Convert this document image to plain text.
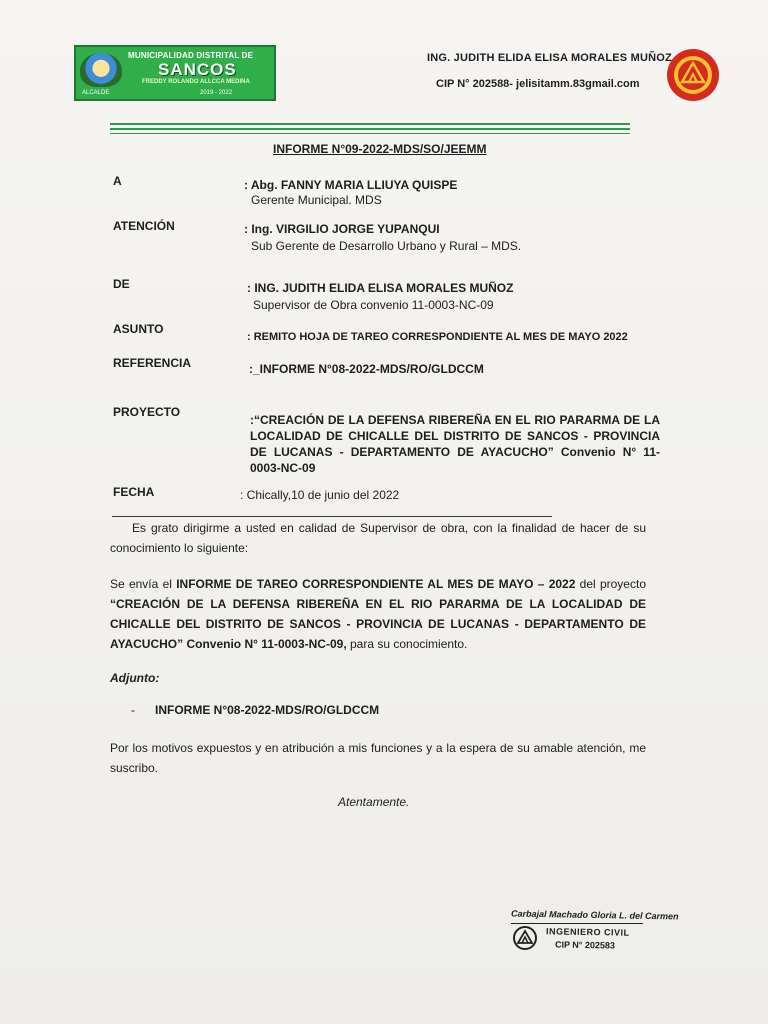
MUNICIPALIDAD DISTRITAL DE
SANCOS
FREDDY ROLANDO ALLCCA MEDINA
ALCALDE	2019 - 2022
ING. JUDITH ELIDA ELISA MORALES MUÑOZ
CIP N° 202588- jelisitamm.83gmail.com
INFORME N°09-2022-MDS/SO/JEEMM
A	: Abg. FANNY MARIA LLIUYA QUISPE
Gerente Municipal. MDS
ATENCIÓN	: Ing. VIRGILIO JORGE YUPANQUI
Sub Gerente de Desarrollo Urbano y Rural – MDS.
DE	: ING. JUDITH ELIDA ELISA MORALES MUÑOZ
Supervisor de Obra convenio 11-0003-NC-09
ASUNTO
: REMITO HOJA DE TAREO CORRESPONDIENTE AL MES DE MAYO 2022
REFERENCIA	:_INFORME N°08-2022-MDS/RO/GLDCCM
PROYECTO
:“CREACIÓN DE LA DEFENSA RIBEREÑA EN EL RIO PARARMA DE LA LOCALIDAD DE CHICALLE DEL DISTRITO DE SANCOS - PROVINCIA DE LUCANAS - DEPARTAMENTO DE AYACUCHO” Convenio N° 11-0003-NC-09
FECHA	: Chically,10 de junio del 2022
Es grato dirigirme a usted en calidad de Supervisor de obra, con la finalidad de hacer de su conocimiento lo siguiente:
Se envía el INFORME DE TAREO CORRESPONDIENTE AL MES DE MAYO – 2022 del proyecto “CREACIÓN DE LA DEFENSA RIBEREÑA EN EL RIO PARARMA DE LA LOCALIDAD DE CHICALLE DEL DISTRITO DE SANCOS - PROVINCIA DE LUCANAS - DEPARTAMENTO DE AYACUCHO” Convenio N° 11-0003-NC-09, para su conocimiento.
Adjunto:
- INFORME N°08-2022-MDS/RO/GLDCCM
Por los motivos expuestos y en atribución a mis funciones y a la espera de su amable atención, me suscribo.
Atentamente.
Carbajal Machado Gloria L. del Carmen
INGENIERO CIVIL
CIP N° 202583
